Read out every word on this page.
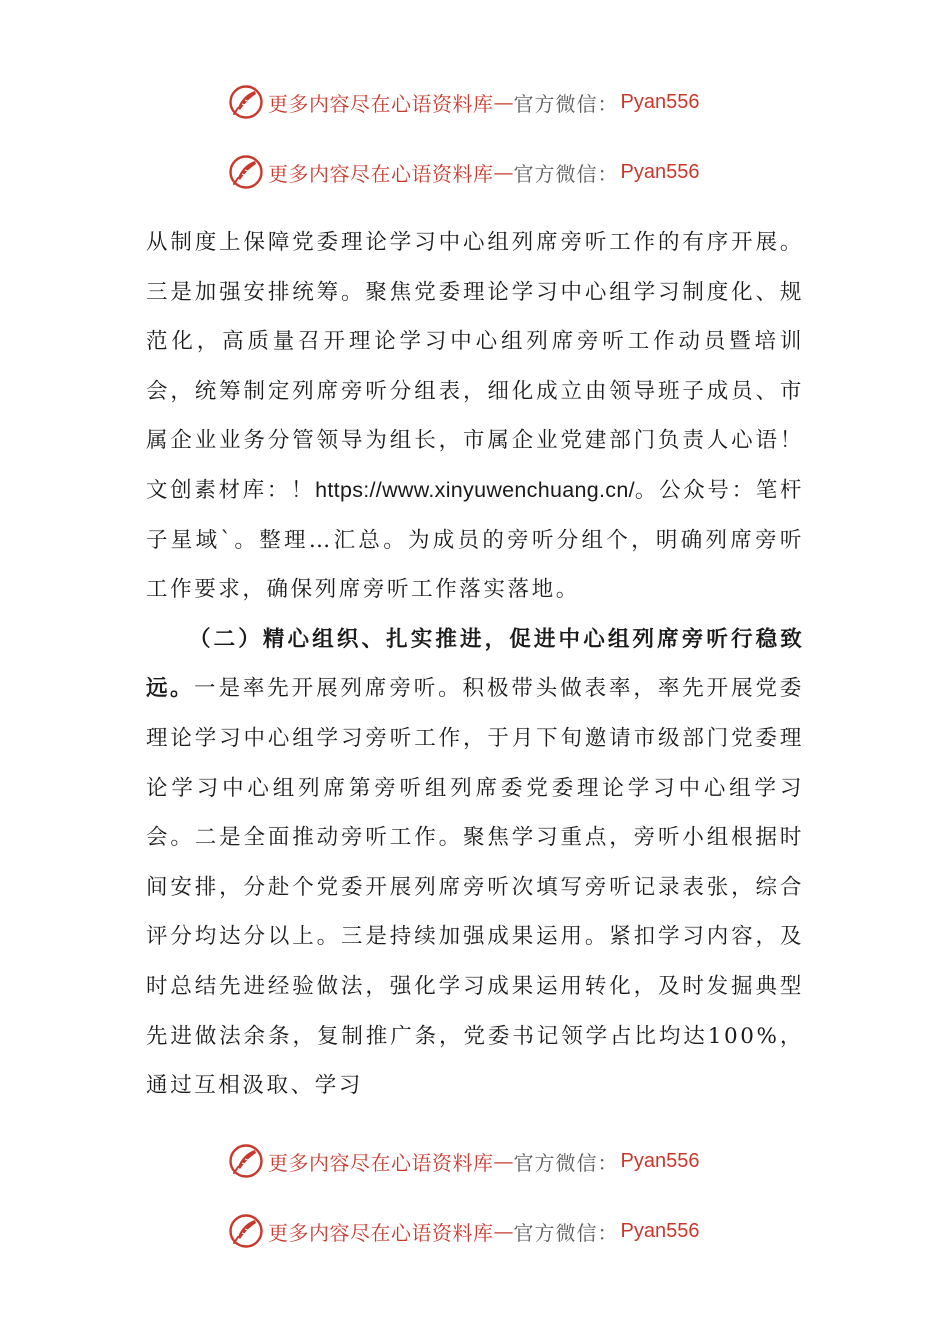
更多内容尽在心语资料库 — 官方微信： Pyan556
更多内容尽在心语资料库 — 官方微信： Pyan556

从制度上保障党委理论学习中心组列席旁听工作的有序开展。三是加强安排统筹。聚焦党委理论学习中心组学习制度化、规范化，高质量召开理论学习中心组列席旁听工作动员暨培训会，统筹制定列席旁听分组表，细化成立由领导班子成员、市属企业业务分管领导为组长，市属企业党建部门负责人心语！文创素材库：！https://www.xinyuwenchuang.cn/。公众号：笔杆子星域`。整理…汇总。为成员的旁听分组个，明确列席旁听工作要求，确保列席旁听工作落实落地。

（二）精心组织、扎实推进，促进中心组列席旁听行稳致远。一是率先开展列席旁听。积极带头做表率，率先开展党委理论学习中心组学习旁听工作，于月下旬邀请市级部门党委理论学习中心组列席第旁听组列席委党委理论学习中心组学习会。二是全面推动旁听工作。聚焦学习重点，旁听小组根据时间安排，分赴个党委开展列席旁听次填写旁听记录表张，综合评分均达分以上。三是持续加强成果运用。紧扣学习内容，及时总结先进经验做法，强化学习成果运用转化，及时发掘典型先进做法余条，复制推广条，党委书记领学占比均达100%，通过互相汲取、学习

更多内容尽在心语资料库 — 官方微信： Pyan556
更多内容尽在心语资料库 — 官方微信： Pyan556
